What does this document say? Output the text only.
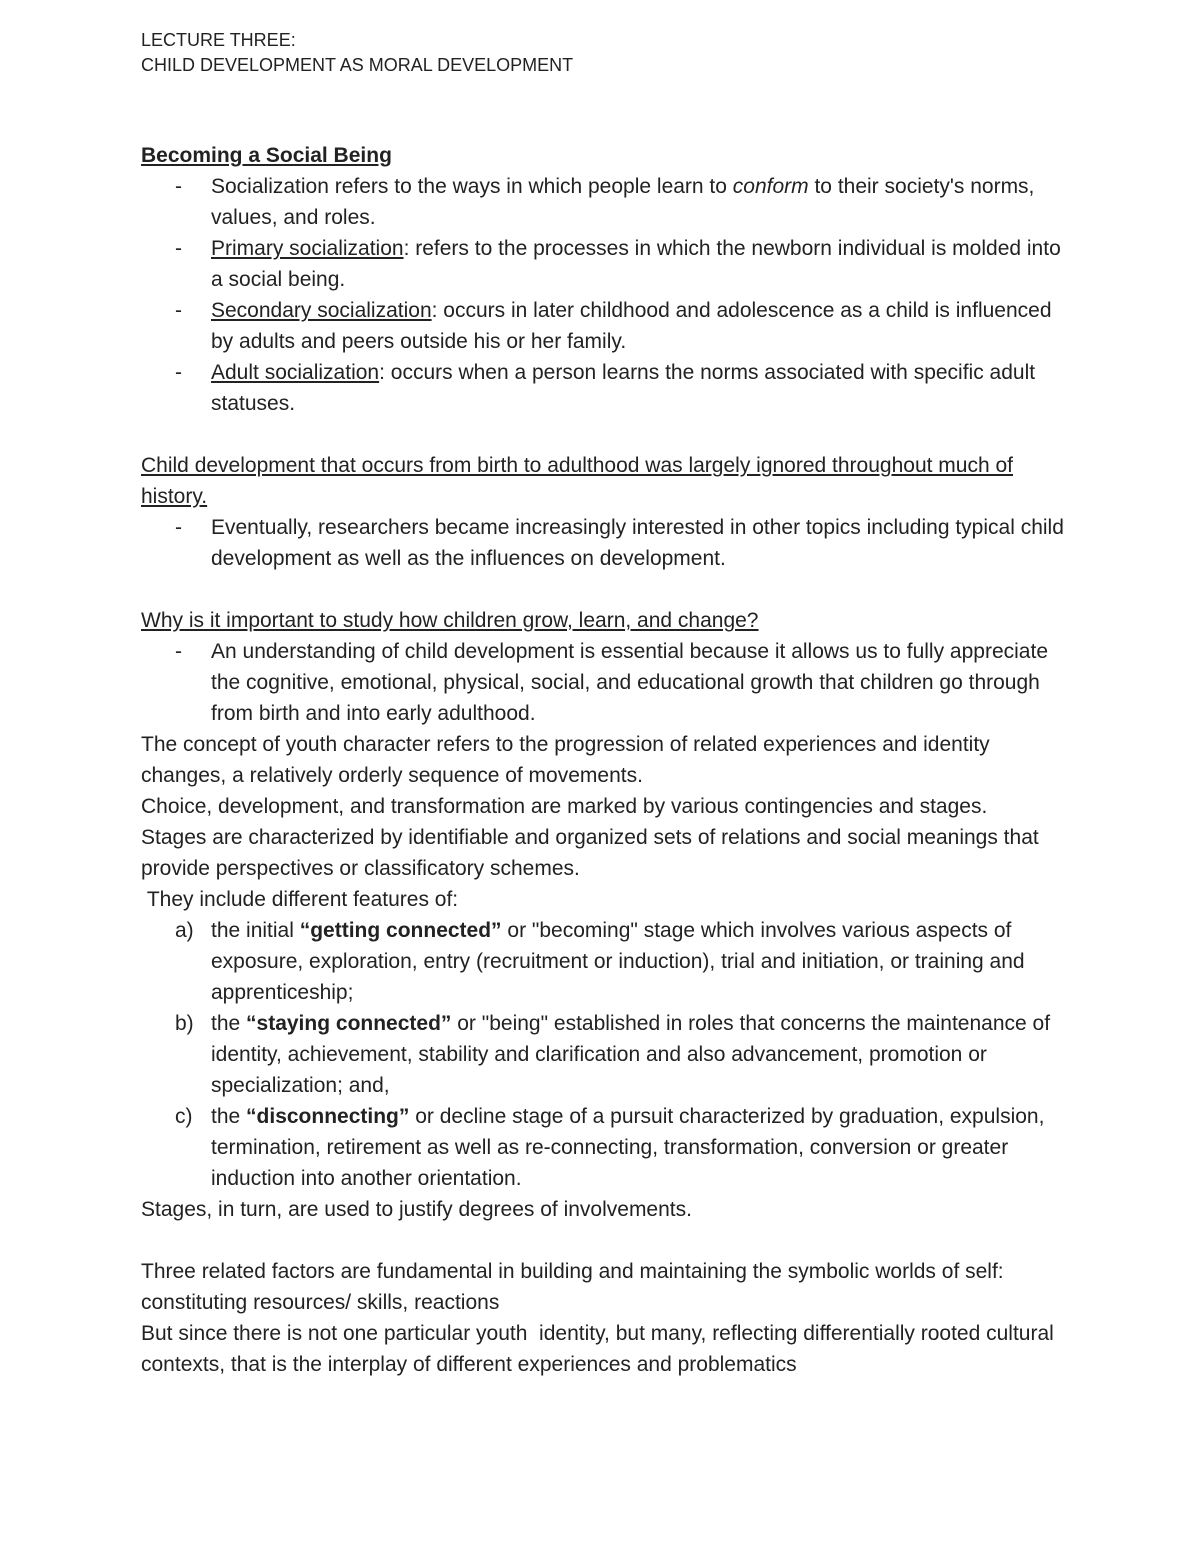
LECTURE THREE:
CHILD DEVELOPMENT AS MORAL DEVELOPMENT
Becoming a Social Being
- Socialization refers to the ways in which people learn to conform to their society's norms, values, and roles.
- Primary socialization: refers to the processes in which the newborn individual is molded into a social being.
- Secondary socialization: occurs in later childhood and adolescence as a child is influenced by adults and peers outside his or her family.
- Adult socialization: occurs when a person learns the norms associated with specific adult statuses.
Child development that occurs from birth to adulthood was largely ignored throughout much of history.
- Eventually, researchers became increasingly interested in other topics including typical child development as well as the influences on development.
Why is it important to study how children grow, learn, and change?
- An understanding of child development is essential because it allows us to fully appreciate the cognitive, emotional, physical, social, and educational growth that children go through from birth and into early adulthood.
The concept of youth character refers to the progression of related experiences and identity changes, a relatively orderly sequence of movements.
Choice, development, and transformation are marked by various contingencies and stages.
Stages are characterized by identifiable and organized sets of relations and social meanings that provide perspectives or classificatory schemes.
They include different features of:
a) the initial “getting connected” or "becoming" stage which involves various aspects of exposure, exploration, entry (recruitment or induction), trial and initiation, or training and apprenticeship;
b) the “staying connected” or "being" established in roles that concerns the maintenance of identity, achievement, stability and clarification and also advancement, promotion or specialization; and,
c) the “disconnecting” or decline stage of a pursuit characterized by graduation, expulsion, termination, retirement as well as re-connecting, transformation, conversion or greater induction into another orientation.
Stages, in turn, are used to justify degrees of involvements.
Three related factors are fundamental in building and maintaining the symbolic worlds of self: constituting resources/ skills, reactions
But since there is not one particular youth  identity, but many, reflecting differentially rooted cultural contexts, that is the interplay of different experiences and problematics
